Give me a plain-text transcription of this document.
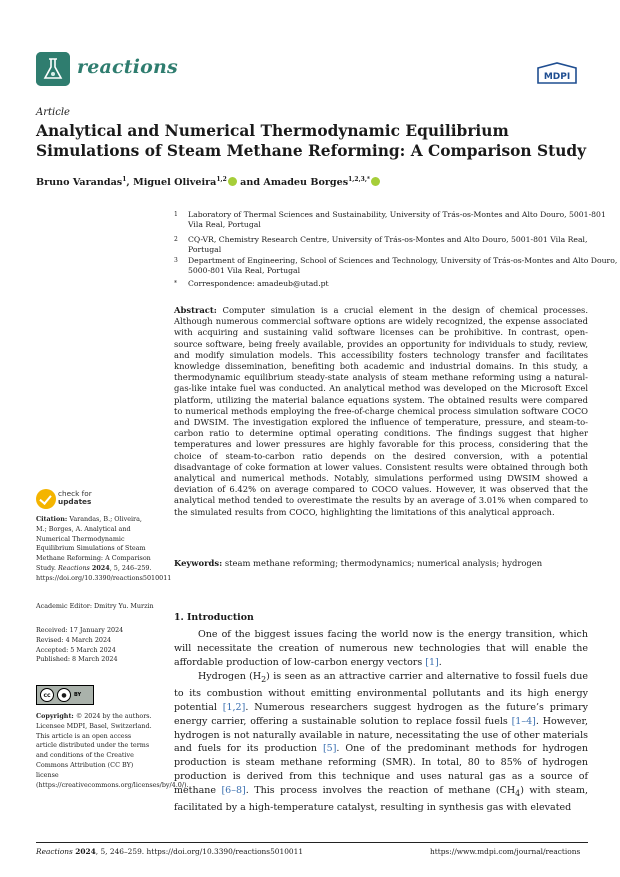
reactions	MDPI
Article
Analytical and Numerical Thermodynamic Equilibrium Simulations of Steam Methane Reforming: A Comparison Study
Bruno Varandas$^1$, Miguel Oliveira$^{1,2}$ and Amadeu Borges$^{1,2,3,*}$
1 Laboratory of Thermal Sciences and Sustainability, University of Trás-os-Montes and Alto Douro, 5001-801 Vila Real, Portugal
2 CQ-VR, Chemistry Research Centre, University of Trás-os-Montes and Alto Douro, 5001-801 Vila Real, Portugal
3 Department of Engineering, School of Sciences and Technology, University of Trás-os-Montes and Alto Douro, 5000-801 Vila Real, Portugal
* Correspondence: amadeub@utad.pt
Abstract: Computer simulation is a crucial element in the design of chemical processes. Although numerous commercial software options are widely recognized, the expense associated with acquiring and sustaining valid software licenses can be prohibitive. In contrast, open-source software, being freely available, provides an opportunity for individuals to study, review, and modify simulation models. This accessibility fosters technology transfer and facilitates knowledge dissemination, benefiting both academic and industrial domains. In this study, a thermodynamic equilibrium steady-state analysis of steam methane reforming using a natural-gas-like intake fuel was conducted. An analytical method was developed on the Microsoft Excel platform, utilizing the material balance equations system. The obtained results were compared to numerical methods employing the free-of-charge chemical process simulation software COCO and DWSIM. The investigation explored the influence of temperature, pressure, and steam-to-carbon ratio to determine optimal operating conditions. The findings suggest that higher temperatures and lower pressures are highly favorable for this process, considering that the choice of steam-to-carbon ratio depends on the desired conversion, with a potential disadvantage of coke formation at lower values. Consistent results were obtained through both analytical and numerical methods. Notably, simulations performed using DWSIM showed a deviation of 6.42% on average compared to COCO values. However, it was observed that the analytical method tended to overestimate the results by an average of 3.01% when compared to the simulated results from COCO, highlighting the limitations of this analytical approach.
Keywords: steam methane reforming; thermodynamics; numerical analysis; hydrogen
check for
updates
Citation: Varandas, B.; Oliveira, M.; Borges, A. Analytical and Numerical Thermodynamic Equilibrium Simulations of Steam Methane Reforming: A Comparison Study. Reactions 2024, 5, 246–259. https://doi.org/10.3390/reactions5010011
Academic Editor: Dmitry Yu. Murzin

Received: 17 January 2024

Revised: 4 March 2024

Accepted: 5 March 2024

Published: 8 March 2024

cc	●	BY
Copyright: © 2024 by the authors. Licensee MDPI, Basel, Switzerland. This article is an open access article distributed under the terms and conditions of the Creative Commons Attribution (CC BY) license (https://creativecommons.org/licenses/by/4.0/).
1. Introduction
One of the biggest issues facing the world now is the energy transition, which will necessitate the creation of numerous new technologies that will enable the affordable production of low-carbon energy vectors [1].
Hydrogen $(H_2)$ is seen as an attractive carrier and alternative to fossil fuels due to its combustion without emitting environmental pollutants and its high energy potential [1,2]. Numerous researchers suggest hydrogen as the future’s primary energy carrier, offering a sustainable solution to replace fossil fuels [1–4]. However, hydrogen is not naturally available in nature, necessitating the use of other materials and fuels for its production [5]. One of the predominant methods for hydrogen production is steam methane reforming (SMR). In total, 80 to 85% of hydrogen production is derived from this technique and uses natural gas as a source of methane [6–8]. This process involves the reaction of methane $(CH_4)$ with steam, facilitated by a high-temperature catalyst, resulting in synthesis gas with elevated
Reactions 2024, 5, 246–259. https://doi.org/10.3390/reactions5010011	https://www.mdpi.com/journal/reactions
